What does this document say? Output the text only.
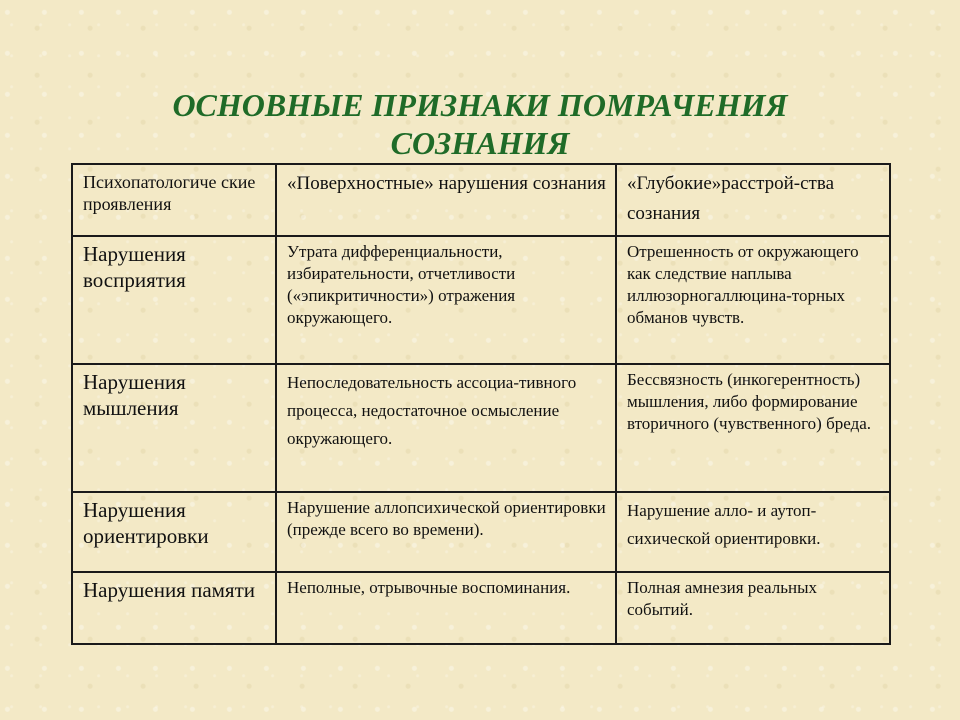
ОСНОВНЫЕ ПРИЗНАКИ ПОМРАЧЕНИЯ
СОЗНАНИЯ
Психопатологиче ские проявления	«Поверхностные» нарушения сознания	«Глубокие»расстрой-ства сознания
Нарушения восприятия	Утрата дифференциальности, избирательности, отчетливости («эпикритичности») отражения окружающего.	Отрешенность от окружающего как следствие наплыва иллюзорногаллюцина-торных обманов чувств.
Нарушения мышления	Непоследовательность ассоциа-тивного процесса, недостаточное осмысление окружающего.	Бессвязность (инкогерентность) мышления, либо формирование вторичного (чувственного) бреда.
Нарушения ориентировки	Нарушение аллопсихической ориентировки (прежде всего во времени).	Нарушение алло- и аутоп-сихической ориентировки.
Нарушения памяти	Неполные, отрывочные воспоминания.	Полная амнезия реальных событий.
